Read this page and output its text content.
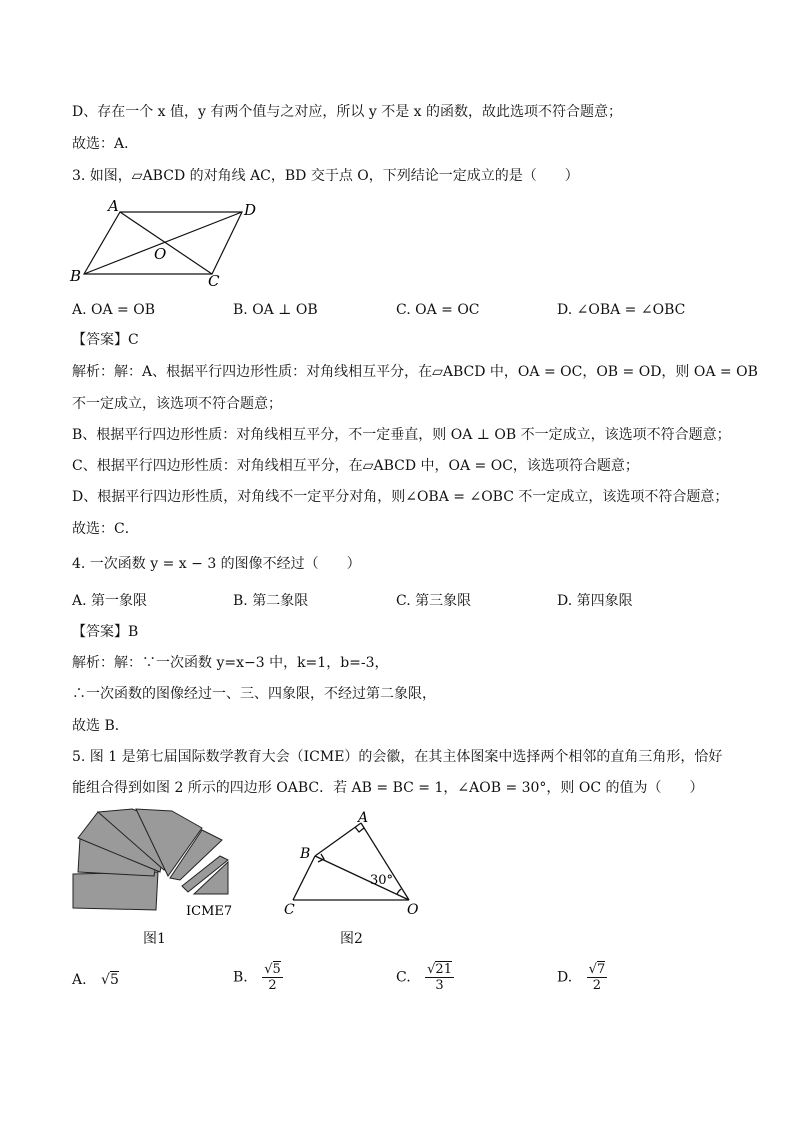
D、存在一个 x 值，y 有两个值与之对应，所以 y 不是 x 的函数，故此选项不符合题意；
故选：A．
3. 如图，▱ABCD 的对角线 AC，BD 交于点 O，下列结论一定成立的是（　　）
A	D
B	C
O
A. OA = OB	B. OA ⊥ OB	C. OA = OC	D. ∠OBA = ∠OBC
【答案】C
解析：解：A、根据平行四边形性质：对角线相互平分，在▱ABCD 中，OA = OC，OB = OD，则 OA = OB
不一定成立，该选项不符合题意；
B、根据平行四边形性质：对角线相互平分，不一定垂直，则 OA ⊥ OB 不一定成立，该选项不符合题意；
C、根据平行四边形性质：对角线相互平分，在▱ABCD 中，OA = OC，该选项符合题意；
D、根据平行四边形性质，对角线不一定平分对角，则∠OBA = ∠OBC 不一定成立，该选项不符合题意；
故选：C．
4. 一次函数 y = x − 3 的图像不经过（　　）
A. 第一象限	B. 第二象限	C. 第三象限	D. 第四象限
【答案】B
解析：解：∵一次函数 y=x−3 中，k=1，b=-3，
∴一次函数的图像经过一、三、四象限，不经过第二象限，
故选 B．
5. 图 1 是第七届国际数学教育大会（ICME）的会徽，在其主体图案中选择两个相邻的直角三角形，恰好
能组合得到如图 2 所示的四边形 OABC．若 AB = BC = 1，∠AOB = 30°，则 OC 的值为（　　）
ICME7
图1
A
B
C	O
30°
图2
A. √5	B. $\frac{√5}{2}$	C. $\frac{√21}{3}$	D. $\frac{√7}{2}$
